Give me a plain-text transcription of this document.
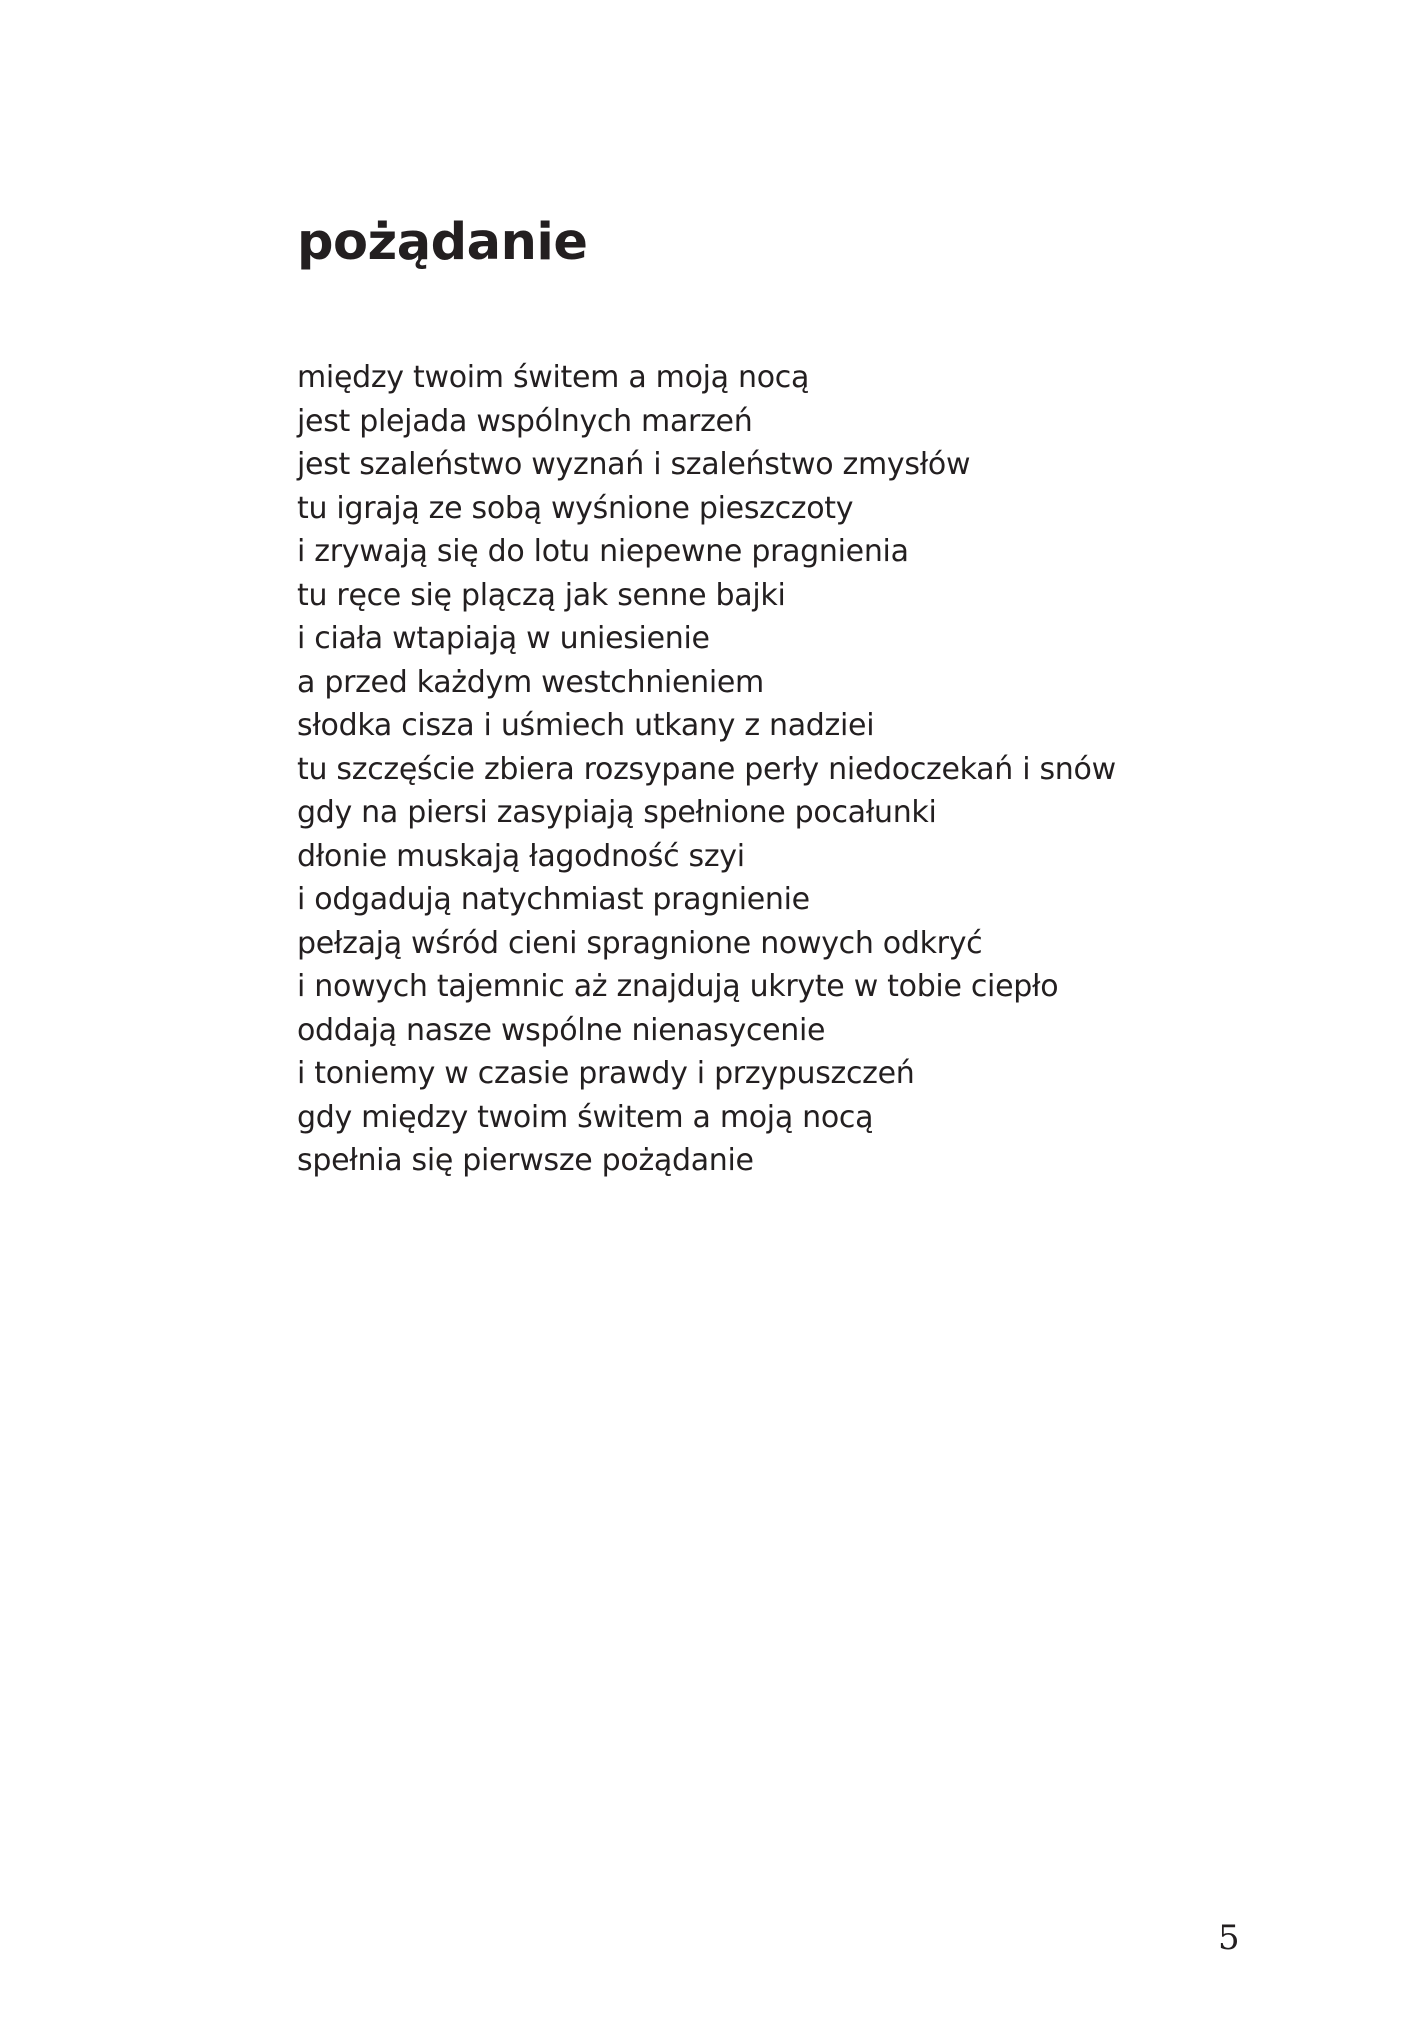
pożądanie
między twoim świtem a moją nocą
jest plejada wspólnych marzeń
jest szaleństwo wyznań i szaleństwo zmysłów
tu igrają ze sobą wyśnione pieszczoty
i zrywają się do lotu niepewne pragnienia
tu ręce się plączą jak senne bajki
i ciała wtapiają w uniesienie
a przed każdym westchnieniem
słodka cisza i uśmiech utkany z nadziei
tu szczęście zbiera rozsypane perły niedoczekań i snów
gdy na piersi zasypiają spełnione pocałunki
dłonie muskają łagodność szyi
i odgadują natychmiast pragnienie
pełzają wśród cieni spragnione nowych odkryć
i nowych tajemnic aż znajdują ukryte w tobie ciepło
oddają nasze wspólne nienasycenie
i toniemy w czasie prawdy i przypuszczeń
gdy między twoim świtem a moją nocą
spełnia się pierwsze pożądanie
5
